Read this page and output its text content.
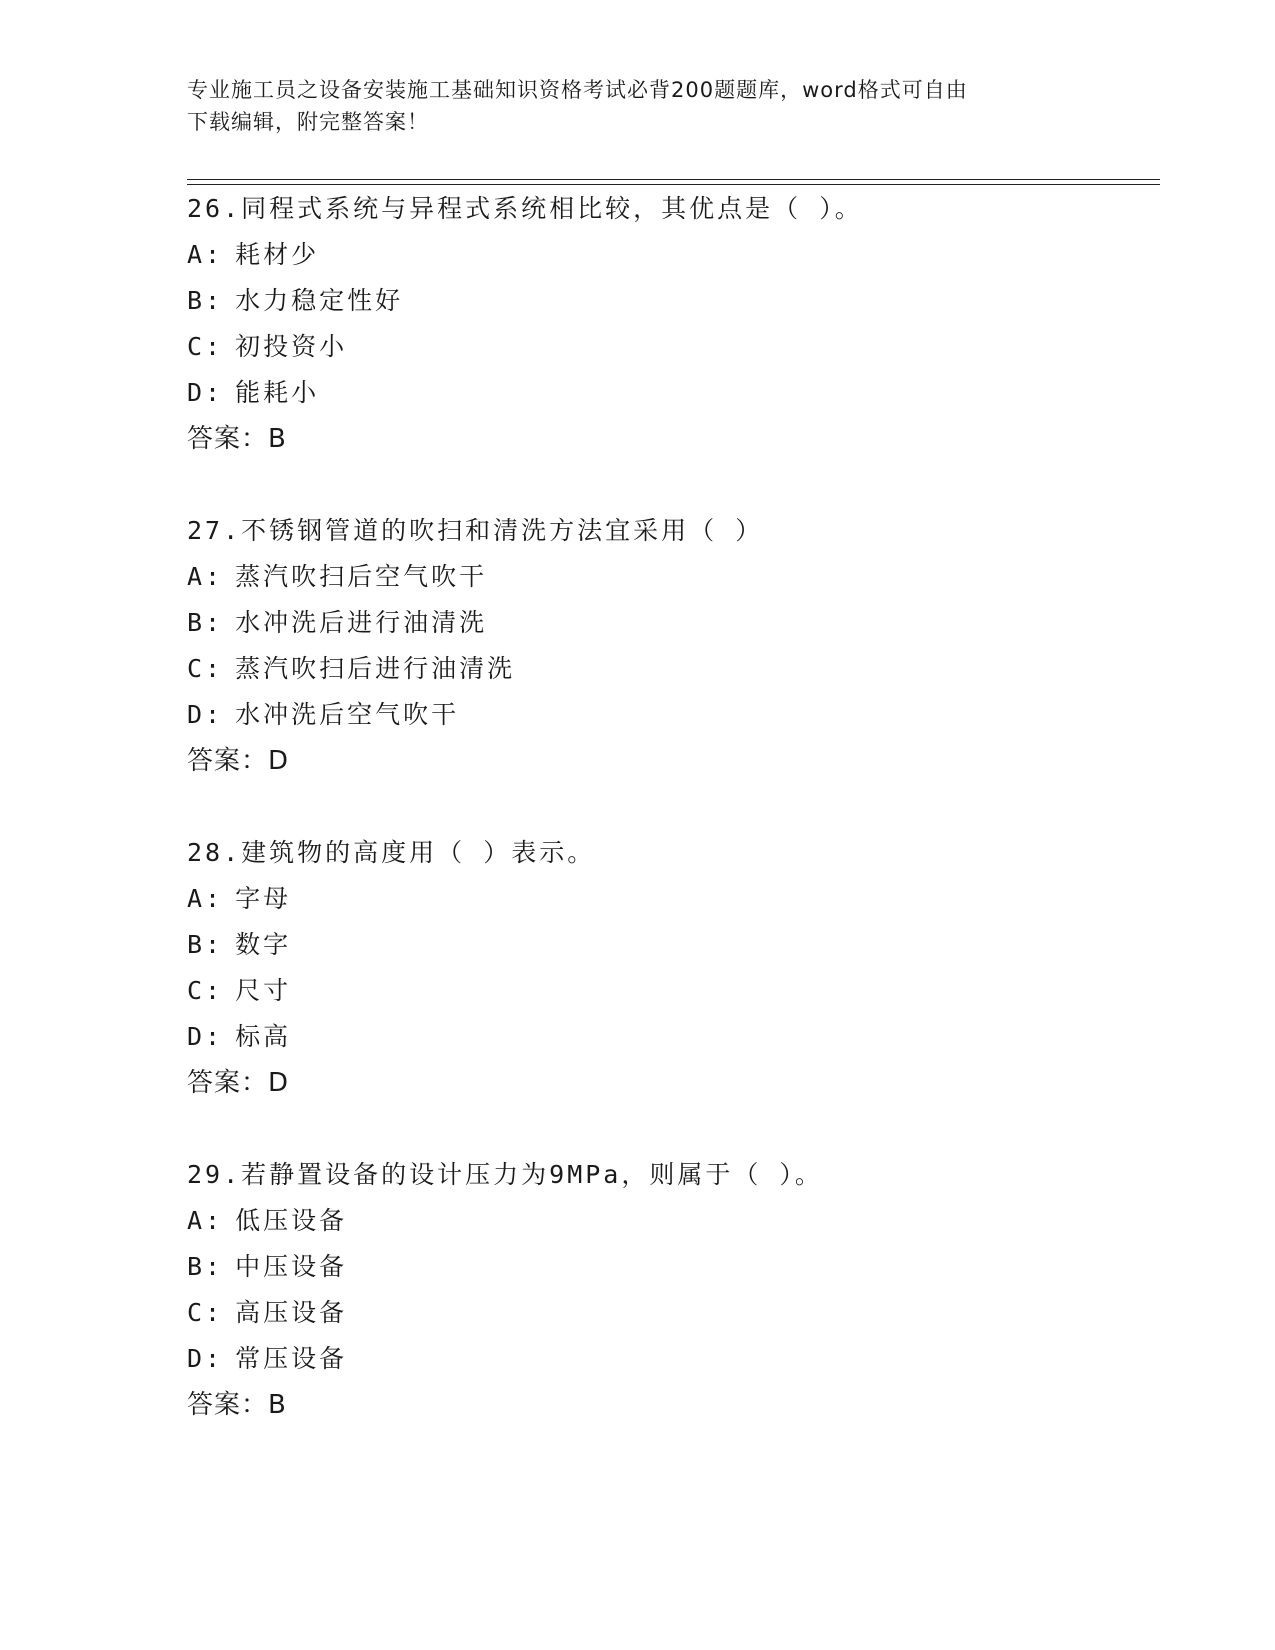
专业施工员之设备安装施工基础知识资格考试必背200题题库，word格式可自由
下载编辑，附完整答案！
26.同程式系统与异程式系统相比较，其优点是（ ）。
A: 耗材少
B: 水力稳定性好
C: 初投资小
D: 能耗小
答案：B
27.不锈钢管道的吹扫和清洗方法宜采用（ ）
A: 蒸汽吹扫后空气吹干
B: 水冲洗后进行油清洗
C: 蒸汽吹扫后进行油清洗
D: 水冲洗后空气吹干
答案：D
28.建筑物的高度用（ ）表示。
A: 字母
B: 数字
C: 尺寸
D: 标高
答案：D
29.若静置设备的设计压力为9MPa，则属于（ ）。
A: 低压设备
B: 中压设备
C: 高压设备
D: 常压设备
答案：B
